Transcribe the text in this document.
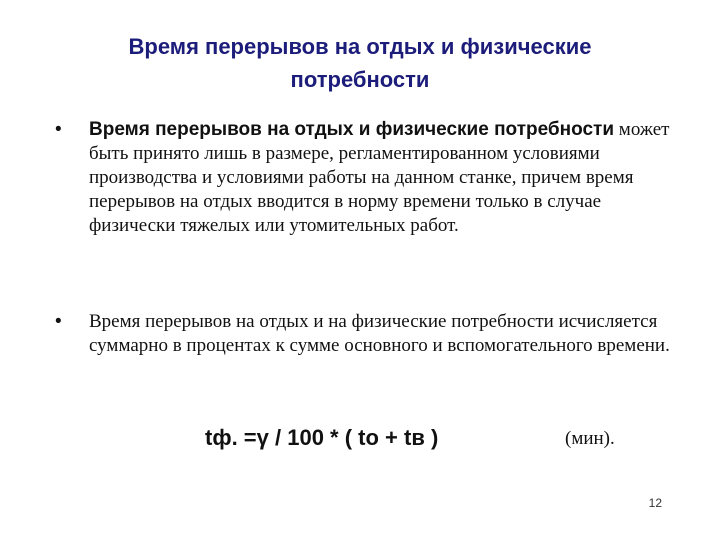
Время перерывов на отдых и физические
потребности
•	Время перерывов на отдых и физические потребности может быть принято лишь в размере, регламентированном условиями производства и условиями работы на данном станке, причем время перерывов на отдых вводится в норму времени только в случае физически тяжелых или утомительных работ.
•	Время перерывов на отдых и на физические потребности исчисляется суммарно в процентах к сумме основного и вспомогательного времени.
tф. =γ / 100 * ( tо + tв )	(мин).
12
